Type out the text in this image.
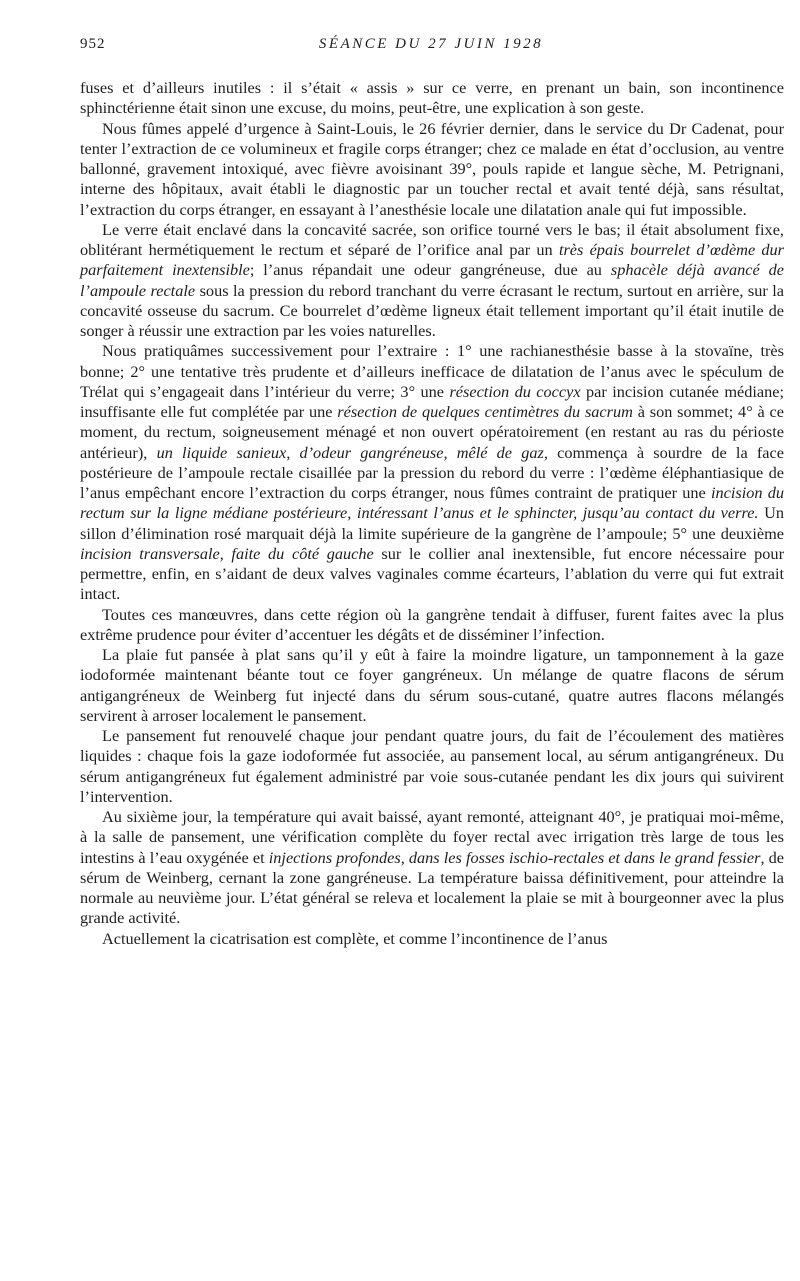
952	SÉANCE DU 27 JUIN 1928

fuses et d’ailleurs inutiles : il s’était « assis » sur ce verre, en prenant un bain, son incontinence sphinctérienne était sinon une excuse, du moins, peut-être, une explication à son geste.

Nous fûmes appelé d’urgence à Saint-Louis, le 26 février dernier, dans le service du Dr Cadenat, pour tenter l’extraction de ce volumineux et fragile corps étranger; chez ce malade en état d’occlusion, au ventre ballonné, gravement intoxiqué, avec fièvre avoisinant 39°, pouls rapide et langue sèche, M. Petrignani, interne des hôpitaux, avait établi le diagnostic par un toucher rectal et avait tenté déjà, sans résultat, l’extraction du corps étranger, en essayant à l’anesthésie locale une dilatation anale qui fut impossible.

Le verre était enclavé dans la concavité sacrée, son orifice tourné vers le bas; il était absolument fixe, oblitérant hermétiquement le rectum et séparé de l’orifice anal par un très épais bourrelet d’œdème dur parfaitement inextensible; l’anus répandait une odeur gangréneuse, due au sphacèle déjà avancé de l’ampoule rectale sous la pression du rebord tranchant du verre écrasant le rectum, surtout en arrière, sur la concavité osseuse du sacrum. Ce bourrelet d’œdème ligneux était tellement important qu’il était inutile de songer à réussir une extraction par les voies naturelles.

Nous pratiquâmes successivement pour l’extraire : 1° une rachianesthésie basse à la stovaïne, très bonne; 2° une tentative très prudente et d’ailleurs inefficace de dilatation de l’anus avec le spéculum de Trélat qui s’engageait dans l’intérieur du verre; 3° une résection du coccyx par incision cutanée médiane; insuffisante elle fut complétée par une résection de quelques centimètres du sacrum à son sommet; 4° à ce moment, du rectum, soigneusement ménagé et non ouvert opératoirement (en restant au ras du périoste antérieur), un liquide sanieux, d’odeur gangréneuse, mêlé de gaz, commença à sourdre de la face postérieure de l’ampoule rectale cisaillée par la pression du rebord du verre : l’œdème éléphantiasique de l’anus empêchant encore l’extraction du corps étranger, nous fûmes contraint de pratiquer une incision du rectum sur la ligne médiane postérieure, intéressant l’anus et le sphincter, jusqu’au contact du verre. Un sillon d’élimination rosé marquait déjà la limite supérieure de la gangrène de l’ampoule; 5° une deuxième incision transversale, faite du côté gauche sur le collier anal inextensible, fut encore nécessaire pour permettre, enfin, en s’aidant de deux valves vaginales comme écarteurs, l’ablation du verre qui fut extrait intact.

Toutes ces manœuvres, dans cette région où la gangrène tendait à diffuser, furent faites avec la plus extrême prudence pour éviter d’accentuer les dégâts et de disséminer l’infection.

La plaie fut pansée à plat sans qu’il y eût à faire la moindre ligature, un tamponnement à la gaze iodoformée maintenant béante tout ce foyer gangréneux. Un mélange de quatre flacons de sérum antigangréneux de Weinberg fut injecté dans du sérum sous-cutané, quatre autres flacons mélangés servirent à arroser localement le pansement.

Le pansement fut renouvelé chaque jour pendant quatre jours, du fait de l’écoulement des matières liquides : chaque fois la gaze iodoformée fut associée, au pansement local, au sérum antigangréneux. Du sérum antigangréneux fut également administré par voie sous-cutanée pendant les dix jours qui suivirent l’intervention.

Au sixième jour, la température qui avait baissé, ayant remonté, atteignant 40°, je pratiquai moi-même, à la salle de pansement, une vérification complète du foyer rectal avec irrigation très large de tous les intestins à l’eau oxygénée et injections profondes, dans les fosses ischio-rectales et dans le grand fessier, de sérum de Weinberg, cernant la zone gangréneuse. La température baissa définitivement, pour atteindre la normale au neuvième jour. L’état général se releva et localement la plaie se mit à bourgeonner avec la plus grande activité.

Actuellement la cicatrisation est complète, et comme l’incontinence de l’anus
